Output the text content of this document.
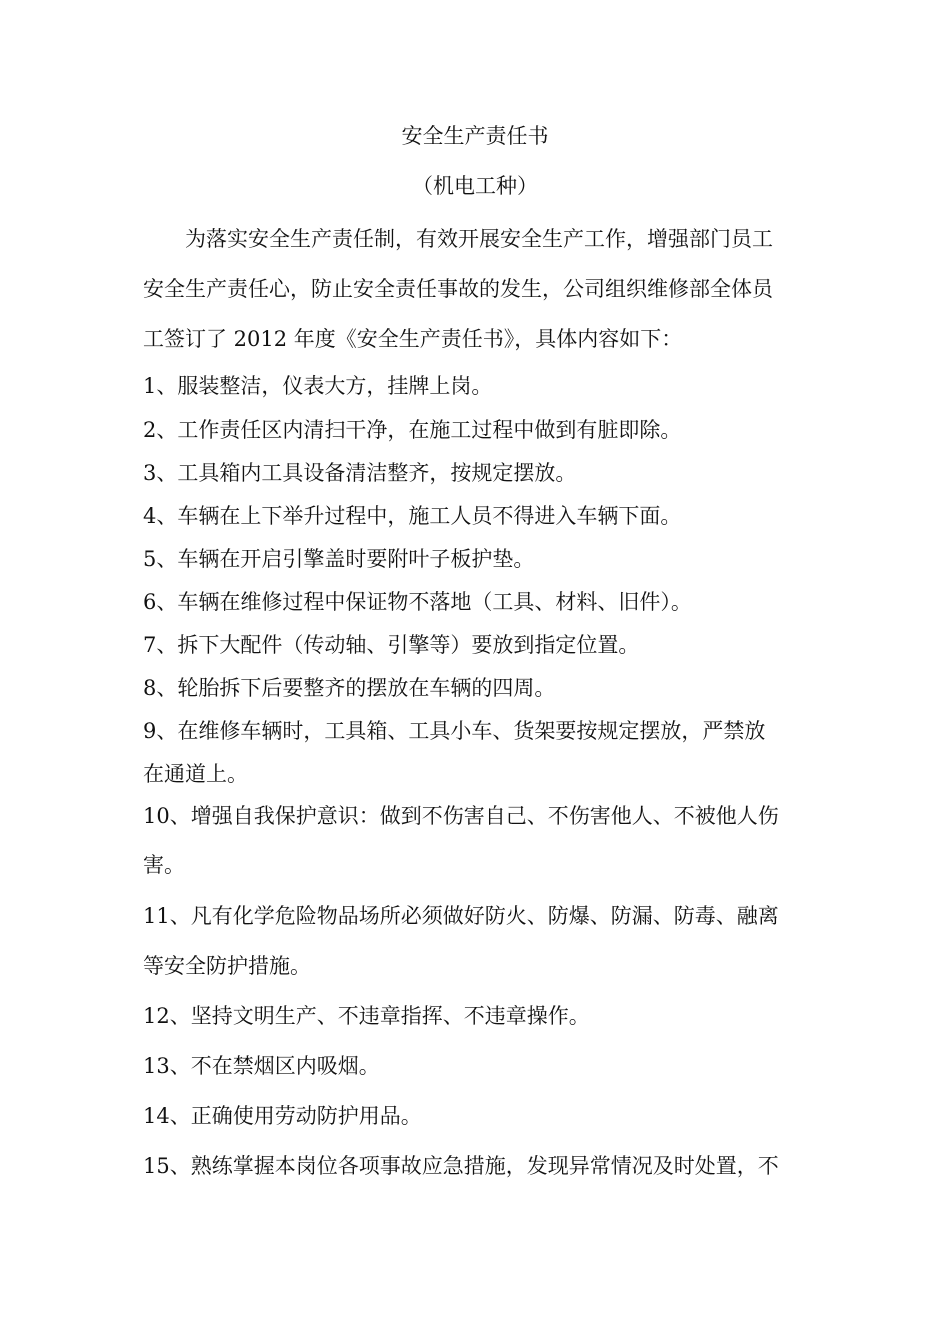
安全生产责任书
（机电工种）
　　为落实安全生产责任制，有效开展安全生产工作，增强部门员工
安全生产责任心，防止安全责任事故的发生，公司组织维修部全体员
工签订了 2012 年度《安全生产责任书》，具体内容如下：
1、服装整洁，仪表大方，挂牌上岗。
2、工作责任区内清扫干净，在施工过程中做到有脏即除。
3、工具箱内工具设备清洁整齐，按规定摆放。
4、车辆在上下举升过程中，施工人员不得进入车辆下面。
5、车辆在开启引擎盖时要附叶子板护垫。
6、车辆在维修过程中保证物不落地（工具、材料、旧件）。
7、拆下大配件（传动轴、引擎等）要放到指定位置。
8、轮胎拆下后要整齐的摆放在车辆的四周。
9、在维修车辆时，工具箱、工具小车、货架要按规定摆放，严禁放
在通道上。
10、增强自我保护意识：做到不伤害自己、不伤害他人、不被他人伤
害。
11、凡有化学危险物品场所必须做好防火、防爆、防漏、防毒、融离
等安全防护措施。
12、坚持文明生产、不违章指挥、不违章操作。
13、不在禁烟区内吸烟。
14、正确使用劳动防护用品。
15、熟练掌握本岗位各项事故应急措施，发现异常情况及时处置，不
